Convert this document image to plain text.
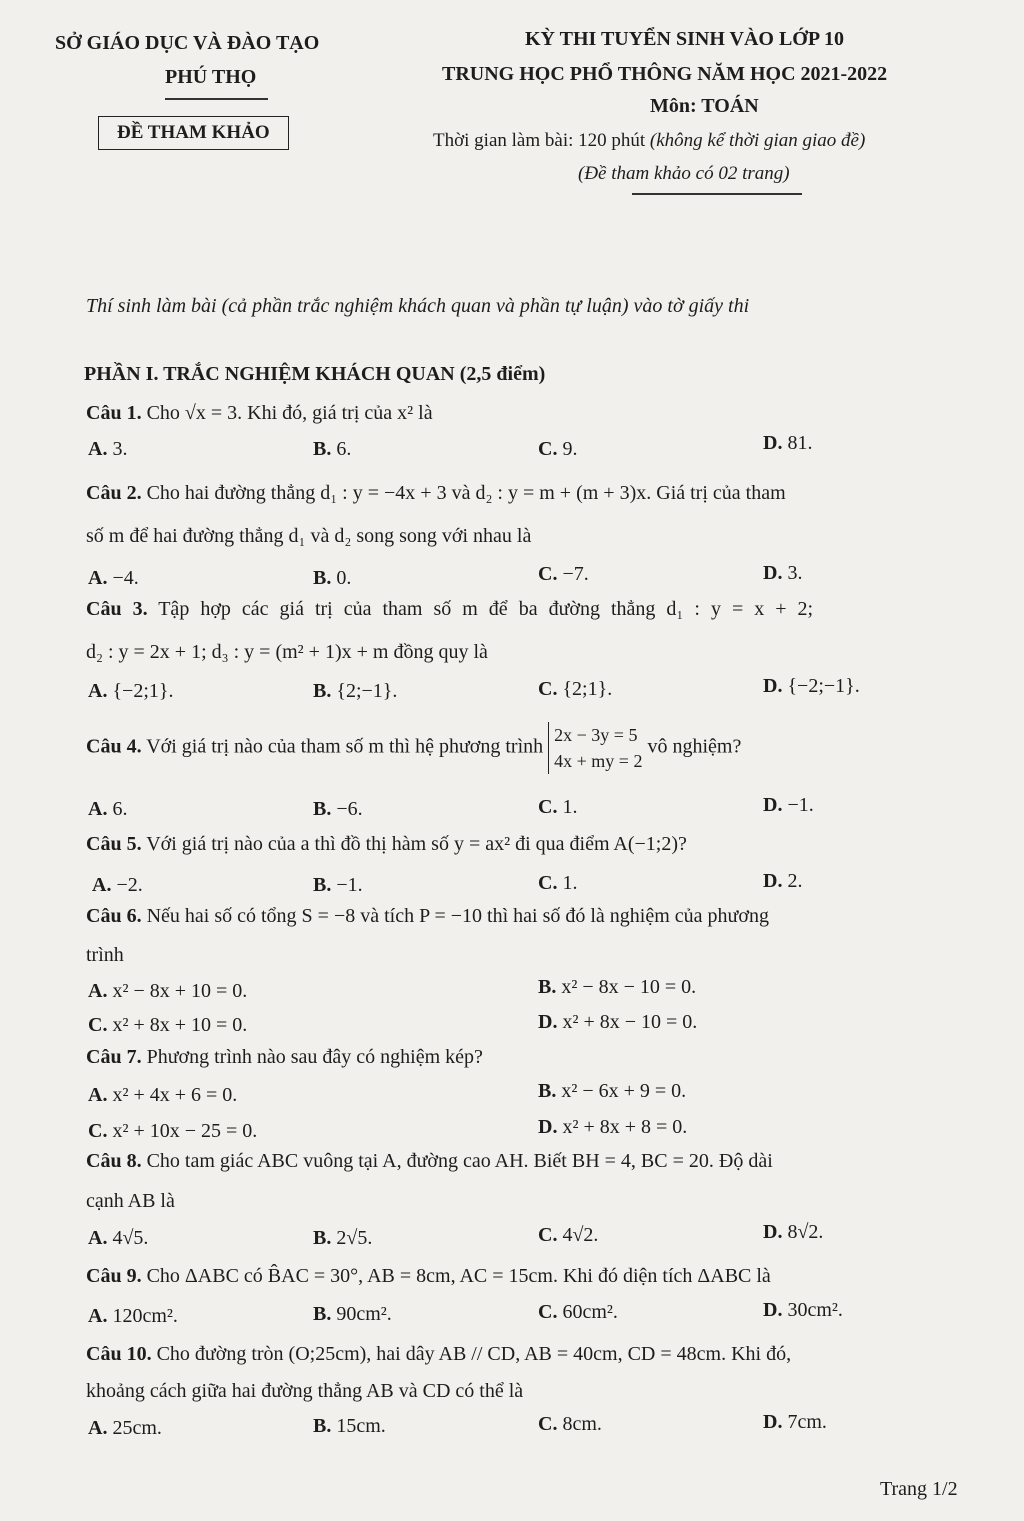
SỞ GIÁO DỤC VÀ ĐÀO TẠO
PHÚ THỌ
ĐỀ THAM KHẢO
KỲ THI TUYỂN SINH VÀO LỚP 10
TRUNG HỌC PHỔ THÔNG NĂM HỌC 2021-2022
Môn: TOÁN
Thời gian làm bài: 120 phút (không kể thời gian giao đề)
(Đề tham khảo có 02 trang)
Thí sinh làm bài (cả phần trắc nghiệm khách quan và phần tự luận) vào tờ giấy thi
PHẦN I. TRẮC NGHIỆM KHÁCH QUAN (2,5 điểm)
Câu 1. Cho √x = 3. Khi đó, giá trị của x² là
A. 3.	B. 6.	C. 9.	D. 81.
Câu 2. Cho hai đường thẳng d₁ : y = −4x + 3 và d₂ : y = m + (m + 3)x. Giá trị của tham
số m để hai đường thẳng d₁ và d₂ song song với nhau là
A. −4.	B. 0.	C. −7.	D. 3.
Câu 3. Tập hợp các giá trị của tham số m để ba đường thẳng d₁ : y = x + 2;
d₂ : y = 2x + 1; d₃ : y = (m² + 1)x + m đồng quy là
A. {−2;1}.	B. {2;−1}.	C. {2;1}.	D. {−2;−1}.
Câu 4. Với giá trị nào của tham số m thì hệ phương trình 2x − 3y = 5
4x + my = 2 vô nghiệm?
A. 6.	B. −6.	C. 1.	D. −1.
Câu 5. Với giá trị nào của a thì đồ thị hàm số y = ax² đi qua điểm A(−1;2)?
A. −2.	B. −1.	C. 1.	D. 2.
Câu 6. Nếu hai số có tổng S = −8 và tích P = −10 thì hai số đó là nghiệm của phương
trình
A. x² − 8x + 10 = 0.	B. x² − 8x − 10 = 0.
C. x² + 8x + 10 = 0.	D. x² + 8x − 10 = 0.
Câu 7. Phương trình nào sau đây có nghiệm kép?
A. x² + 4x + 6 = 0.	B. x² − 6x + 9 = 0.
C. x² + 10x − 25 = 0.	D. x² + 8x + 8 = 0.
Câu 8. Cho tam giác ABC vuông tại A, đường cao AH. Biết BH = 4, BC = 20. Độ dài
cạnh AB là
A. 4√5.	B. 2√5.	C. 4√2.	D. 8√2.
Câu 9. Cho ΔABC có B̂AC = 30°, AB = 8cm, AC = 15cm. Khi đó diện tích ΔABC là
A. 120cm².	B. 90cm².	C. 60cm².	D. 30cm².
Câu 10. Cho đường tròn (O;25cm), hai dây AB // CD, AB = 40cm, CD = 48cm. Khi đó,
khoảng cách giữa hai đường thẳng AB và CD có thể là
A. 25cm.	B. 15cm.	C. 8cm.	D. 7cm.
Trang 1/2
